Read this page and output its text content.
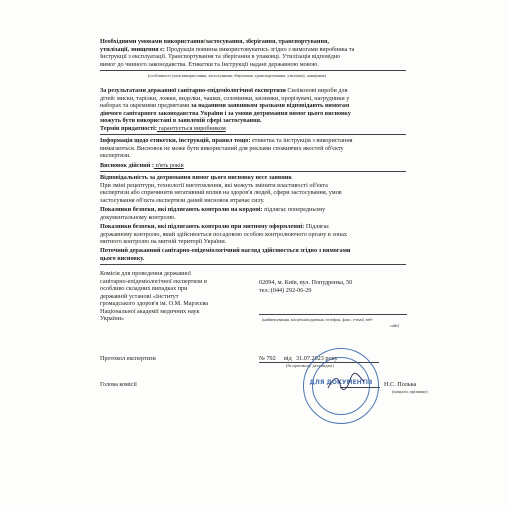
Необхідними умовами використання/застосування, зберігання, транспортування,
утилізації, знищення є: Продукція повинна використовуватись згідно з вимогами виробника та
Інструкції з експлуатації. Транспортування та зберігання в упаковці. Утилізація відповідно
вимог до чинного законодавства. Етикетки та Інструкції надані державною мовою.
(особливості умов використання, застосування, зберігання, транспортування, утилізації, знищення)
За результатами державної санітарно-епідеміологічної експертизи Силіконові вироби для
дітей: миски, тарілки, ложки, виделки, чашки, соломинки, килимки, прорізувачі, нагрудники у
наборах та окремими предметами за наданими заявником зразками відповідають вимогам
діючого санітарного законодавства України і за умови дотримання вимог цього висновку
можуть бути використані в заявленій сфері застосування.
Термін придатності: гарантується виробником
Інформація щодо етикетки, інструкцій, правил тощо: етикетка та інструкція з використання
вимагаються. Висновок не може бути використаний для реклами споживчих якостей об'єкту
експертизи.
Висновок дійсний : п'ять років
Відповідальність за дотримання вимог цього висновку несе заявник
При зміні рецептури, технології виготовлення, які можуть змінити властивості об'єкта
експертизи або спричинити негативний вплив на здоров'я людей, сфери застосування, умов
застосування об'єкта експертизи даний висновок втрачає силу.
Показники безпеки, які підлягають контролю на кордоні: підлягає попередньому
документальному контролю.
Показники безпеки, які підлягають контролю при митному оформленні: Підлягає
державному контролю, який здійснюється посадовою особою контролюючого органу в зонах
митного контролю на митній території України.
Поточний державний санітарно-епідеміологічний нагляд здійснюється згідно з вимогами
цього висновку.
Комісія для проведення державної
санітарно-епідеміологічної експертизи в
особливо складних випадках при
державній установі «Інститут
громадського здоров'я ім. О.М. Марзєєва
Національної академії медичних наук
України»
02094, м. Київ, вул. Попудренка, 50
тел.:(044) 292-06-29
(найменування, місцезнаходження, телефон, факс, е-mail, веб-
сайт)
Протокол експертизи	№ 792 від 31.07.2023 року
(№ протоколу, дата видачі)
Голова комісії	Н.С. Полька
(ініціали, прізвище)
ДЛЯ ДОКУМЕНТІВ
